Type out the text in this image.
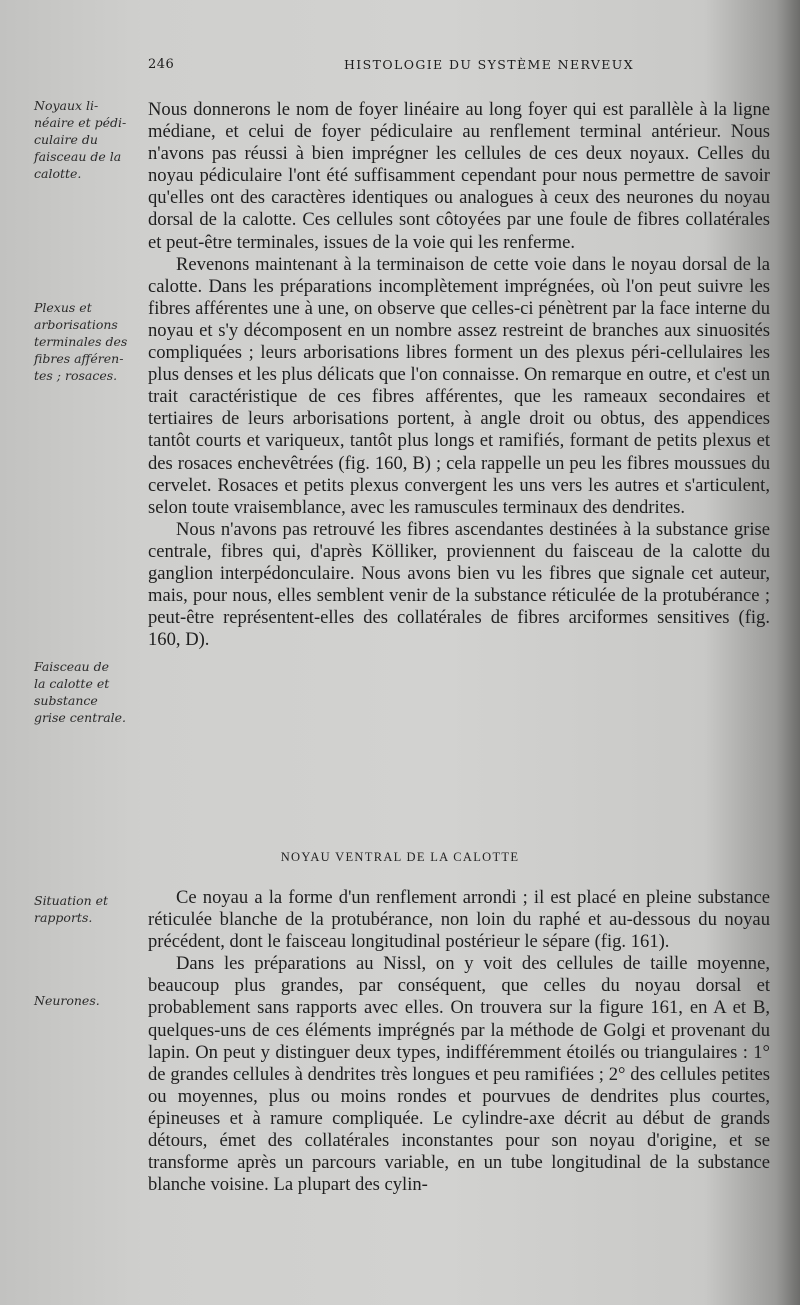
246	HISTOLOGIE DU SYSTÈME NERVEUX
Noyaux li-
néaire et pédi-
culaire du
faisceau de la
calotte.
Plexus et
arborisations
terminales des
fibres afféren-
tes ; rosaces.
Faisceau de
la calotte et
substance
grise centrale.
Situation et
rapports.
Neurones.

Nous donnerons le nom de foyer linéaire au long foyer qui est parallèle à la ligne médiane, et celui de foyer pédiculaire au renflement terminal antérieur. Nous n'avons pas réussi à bien imprégner les cellules de ces deux noyaux. Celles du noyau pédiculaire l'ont été suffisamment cependant pour nous permettre de savoir qu'elles ont des caractères identiques ou analogues à ceux des neurones du noyau dorsal de la calotte. Ces cellules sont côtoyées par une foule de fibres collatérales et peut-être terminales, issues de la voie qui les renferme.

Revenons maintenant à la terminaison de cette voie dans le noyau dorsal de la calotte. Dans les préparations incomplètement imprégnées, où l'on peut suivre les fibres afférentes une à une, on observe que celles-ci pénètrent par la face interne du noyau et s'y décomposent en un nombre assez restreint de branches aux sinuosités compliquées ; leurs arborisations libres forment un des plexus péri-cellulaires les plus denses et les plus délicats que l'on connaisse. On remarque en outre, et c'est un trait caractéristique de ces fibres afférentes, que les rameaux secondaires et tertiaires de leurs arborisations portent, à angle droit ou obtus, des appendices tantôt courts et variqueux, tantôt plus longs et ramifiés, formant de petits plexus et des rosaces enchevêtrées (fig. 160, B) ; cela rappelle un peu les fibres moussues du cervelet. Rosaces et petits plexus convergent les uns vers les autres et s'articulent, selon toute vraisemblance, avec les ramuscules terminaux des dendrites.

Nous n'avons pas retrouvé les fibres ascendantes destinées à la substance grise centrale, fibres qui, d'après Kölliker, proviennent du faisceau de la calotte du ganglion interpédonculaire. Nous avons bien vu les fibres que signale cet auteur, mais, pour nous, elles semblent venir de la substance réticulée de la protubérance ; peut-être représentent-elles des collatérales de fibres arciformes sensitives (fig. 160, D).

NOYAU VENTRAL DE LA CALOTTE

Ce noyau a la forme d'un renflement arrondi ; il est placé en pleine substance réticulée blanche de la protubérance, non loin du raphé et au-dessous du noyau précédent, dont le faisceau longitudinal postérieur le sépare (fig. 161).

Dans les préparations au Nissl, on y voit des cellules de taille moyenne, beaucoup plus grandes, par conséquent, que celles du noyau dorsal et probablement sans rapports avec elles. On trouvera sur la figure 161, en A et B, quelques-uns de ces éléments imprégnés par la méthode de Golgi et provenant du lapin. On peut y distinguer deux types, indifféremment étoilés ou triangulaires : 1° de grandes cellules à dendrites très longues et peu ramifiées ; 2° des cellules petites ou moyennes, plus ou moins rondes et pourvues de dendrites plus courtes, épineuses et à ramure compliquée. Le cylindre-axe décrit au début de grands détours, émet des collatérales inconstantes pour son noyau d'origine, et se transforme après un parcours variable, en un tube longitudinal de la substance blanche voisine. La plupart des cylin-
